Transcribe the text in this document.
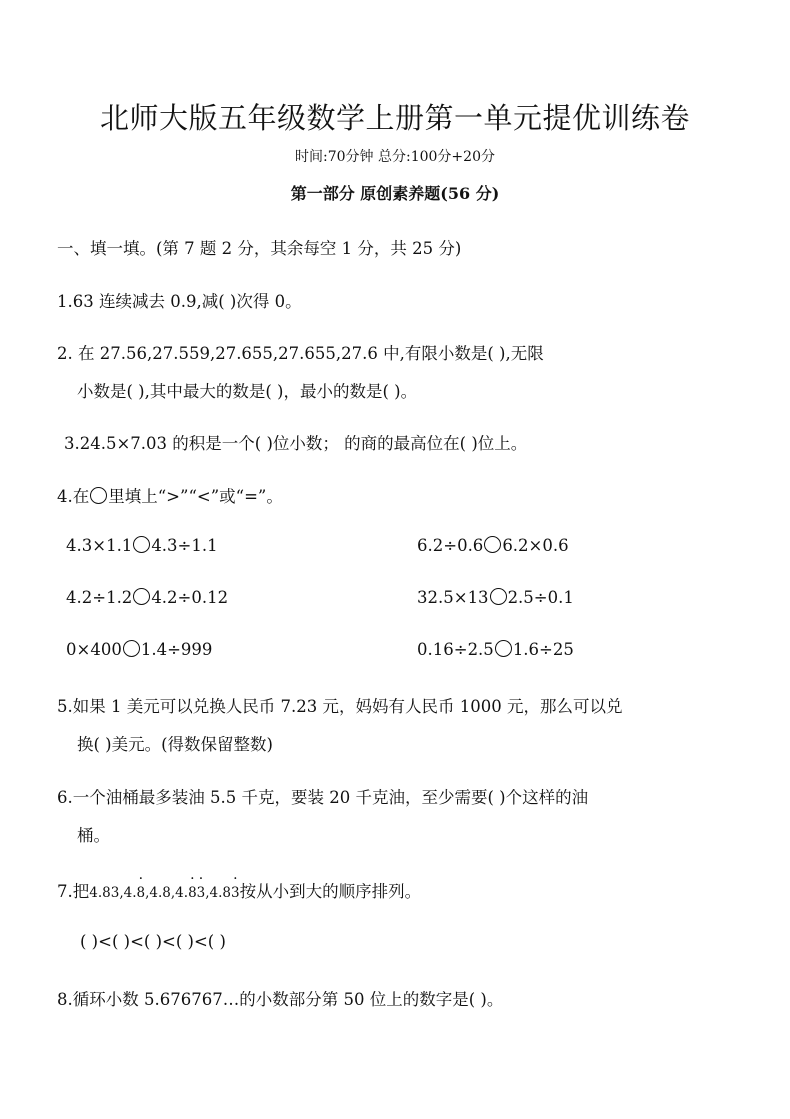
北师大版五年级数学上册第一单元提优训练卷
时间:70分钟 总分:100分+20分
第一部分 原创素养题(56 分)
一、填一填。(第 7 题 2 分，其余每空 1 分，共 25 分)
1.63 连续减去 0.9,减( )次得 0。
2. 在 27.56,27.559,27.655,27.655,27.6 中,有限小数是( ),无限
小数是( ),其中最大的数是( )，最小的数是( )。
3.24.5×7.03 的积是一个( )位小数； 的商的最高位在( )位上。
4.在 里填上“>”“<”或“=”。
4.3×1.1 4.3÷1.1	6.2÷0.6 6.2×0.6
4.2÷1.2 4.2÷0.12	32.5×13 2.5÷0.1
0×400 1.4÷999	0.16÷2.5 1.6÷25
5.如果 1 美元可以兑换人民币 7.23 元，妈妈有人民币 1000 元，那么可以兑
换( )美元。(得数保留整数)
6.一个油桶最多装油 5.5 千克，要装 20 千克油，至少需要( )个这样的油
桶。
7.把4.83,4.· 8,4.8,4.· 8· 3,4.8· 3按从小到大的顺序排列。
( )<( )<( )<( )<( )
8.循环小数 5.676767…的小数部分第 50 位上的数字是( )。
